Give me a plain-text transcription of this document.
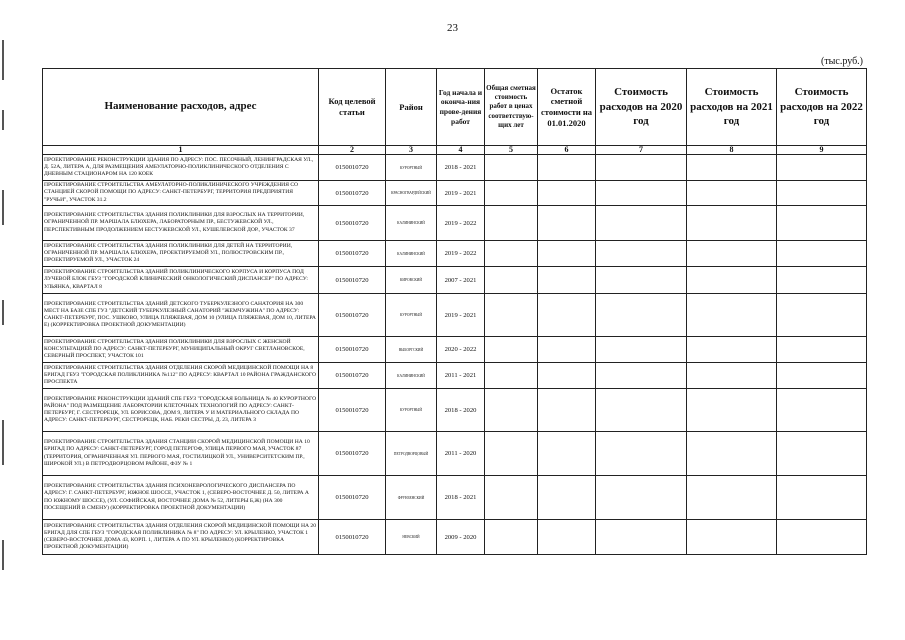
23
(тыс.руб.)
Наименование расходов, адрес	Код целевой статьи	Район	Год начала и оконча-ния прове-дения работ	Общая сметная стоимость работ в ценах соответствую-щих лет	Остаток сметной стоимости на 01.01.2020	Стоимость расходов на 2020 год	Стоимость расходов на 2021 год	Стоимость расходов на 2022 год
1	2	3	4	5	6	7	8	9
ПРОЕКТИРОВАНИЕ РЕКОНСТРУКЦИИ ЗДАНИЯ ПО АДРЕСУ: ПОС. ПЕСОЧНЫЙ, ЛЕНИНГРАДСКАЯ УЛ., Д. 52А, ЛИТЕРА А, ДЛЯ РАЗМЕЩЕНИЯ АМБУЛАТОРНО-ПОЛИКЛИНИЧЕСКОГО ОТДЕЛЕНИЯ С ДНЕВНЫМ СТАЦИОНАРОМ НА 120 КОЕК	0150010720	КУРОРТНЫЙ	2018 - 2021					
ПРОЕКТИРОВАНИЕ СТРОИТЕЛЬСТВА АМБУЛАТОРНО-ПОЛИКЛИНИЧЕСКОГО УЧРЕЖДЕНИЯ СО СТАНЦИЕЙ СКОРОЙ ПОМОЩИ ПО АДРЕСУ: САНКТ-ПЕТЕРБУРГ, ТЕРРИТОРИЯ ПРЕДПРИЯТИЯ "РУЧЬИ", УЧАСТОК 31.2	0150010720	КРАСНОГВАРДЕЙСКИЙ	2019 - 2021					
ПРОЕКТИРОВАНИЕ СТРОИТЕЛЬСТВА ЗДАНИЯ ПОЛИКЛИНИКИ ДЛЯ ВЗРОСЛЫХ НА ТЕРРИТОРИИ, ОГРАНИЧЕННОЙ ПР. МАРШАЛА БЛЮХЕРА, ЛАБОРАТОРНЫМ ПР., БЕСТУЖЕВСКОЙ УЛ., ПЕРСПЕКТИВНЫМ ПРОДОЛЖЕНИЕМ БЕСТУЖЕВСКОЙ УЛ., КУШЕЛЕВСКОЙ ДОР., УЧАСТОК 37	0150010720	КАЛИНИНСКИЙ	2019 - 2022					
ПРОЕКТИРОВАНИЕ СТРОИТЕЛЬСТВА ЗДАНИЯ ПОЛИКЛИНИКИ ДЛЯ ДЕТЕЙ НА ТЕРРИТОРИИ, ОГРАНИЧЕННОЙ ПР. МАРШАЛА БЛЮХЕРА, ПРОЕКТИРУЕМОЙ УЛ., ПОЛЮСТРОВСКИМ ПР., ПРОЕКТИРУЕМОЙ УЛ., УЧАСТОК 24	0150010720	КАЛИНИНСКИЙ	2019 - 2022					
ПРОЕКТИРОВАНИЕ СТРОИТЕЛЬСТВА ЗДАНИЙ ПОЛИКЛИНИЧЕСКОГО КОРПУСА И КОРПУСА ПОД ЛУЧЕВОЙ БЛОК ГБУЗ "ГОРОДСКОЙ КЛИНИЧЕСКИЙ ОНКОЛОГИЧЕСКИЙ ДИСПАНСЕР" ПО АДРЕСУ: УЛЬЯНКА, КВАРТАЛ 8	0150010720	КИРОВСКИЙ	2007 - 2021					
ПРОЕКТИРОВАНИЕ СТРОИТЕЛЬСТВА ЗДАНИЙ ДЕТСКОГО ТУБЕРКУЛЕЗНОГО САНАТОРИЯ НА 300 МЕСТ НА БАЗЕ СПБ ГУЗ "ДЕТСКИЙ ТУБЕРКУЛЕЗНЫЙ САНАТОРИЙ "ЖЕМЧУЖИНА" ПО АДРЕСУ: САНКТ-ПЕТЕРБУРГ, ПОС. УШКОВО, УЛИЦА ПЛЯЖЕВАЯ, ДОМ 10 (УЛИЦА ПЛЯЖЕВАЯ, ДОМ 10, ЛИТЕРА Е) (КОРРЕКТИРОВКА ПРОЕКТНОЙ ДОКУМЕНТАЦИИ)	0150010720	КУРОРТНЫЙ	2019 - 2021					
ПРОЕКТИРОВАНИЕ СТРОИТЕЛЬСТВА ЗДАНИЯ ПОЛИКЛИНИКИ ДЛЯ ВЗРОСЛЫХ С ЖЕНСКОЙ КОНСУЛЬТАЦИЕЙ ПО АДРЕСУ: САНКТ-ПЕТЕРБУРГ, МУНИЦИПАЛЬНЫЙ ОКРУГ СВЕТЛАНОВСКОЕ, СЕВЕРНЫЙ ПРОСПЕКТ, УЧАСТОК 101	0150010720	ВЫБОРГСКИЙ	2020 - 2022					
ПРОЕКТИРОВАНИЕ СТРОИТЕЛЬСТВА ЗДАНИЯ ОТДЕЛЕНИЯ СКОРОЙ МЕДИЦИНСКОЙ ПОМОЩИ НА 8 БРИГАД ГБУЗ "ГОРОДСКАЯ ПОЛИКЛИНИКА №112" ПО АДРЕСУ: КВАРТАЛ 10 РАЙОНА ГРАЖДАНСКОГО ПРОСПЕКТА	0150010720	КАЛИНИНСКИЙ	2011 - 2021					
ПРОЕКТИРОВАНИЕ РЕКОНСТРУКЦИИ ЗДАНИЙ СПБ ГБУЗ "ГОРОДСКАЯ БОЛЬНИЦА № 40 КУРОРТНОГО РАЙОНА" ПОД РАЗМЕЩЕНИЕ ЛАБОРАТОРИИ КЛЕТОЧНЫХ ТЕХНОЛОГИЙ ПО АДРЕСУ: САНКТ-ПЕТЕРБУРГ, Г. СЕСТРОРЕЦК, УЛ. БОРИСОВА, ДОМ 9, ЛИТЕРА У И МАТЕРИАЛЬНОГО СКЛАДА ПО АДРЕСУ: САНКТ-ПЕТЕРБУРГ, СЕСТРОРЕЦК, НАБ. РЕКИ СЕСТРЫ, Д. 23, ЛИТЕРА З	0150010720	КУРОРТНЫЙ	2018 - 2020					
ПРОЕКТИРОВАНИЕ СТРОИТЕЛЬСТВА ЗДАНИЯ СТАНЦИИ СКОРОЙ МЕДИЦИНСКОЙ ПОМОЩИ НА 10 БРИГАД ПО АДРЕСУ: САНКТ-ПЕТЕРБУРГ, ГОРОД ПЕТЕРГОФ, УЛИЦА ПЕРВОГО МАЯ, УЧАСТОК 87 (ТЕРРИТОРИЯ, ОГРАНИЧЕННАЯ УЛ. ПЕРВОГО МАЯ, ГОСТИЛИЦКОЙ УЛ., УНИВЕРСИТЕТСКИМ ПР., ШИРОКОЙ УЛ.) В ПЕТРОДВОРЦОВОМ РАЙОНЕ, ФЗУ № 1	0150010720	ПЕТРОДВОРЦОВЫЙ	2011 - 2020					
ПРОЕКТИРОВАНИЕ СТРОИТЕЛЬСТВА ЗДАНИЯ ПСИХОНЕВРОЛОГИЧЕСКОГО ДИСПАНСЕРА ПО АДРЕСУ: Г. САНКТ-ПЕТЕРБУРГ, ЮЖНОЕ ШОССЕ, УЧАСТОК 1, (СЕВЕРО-ВОСТОЧНЕЕ Д. 50, ЛИТЕРА А ПО ЮЖНОМУ ШОССЕ), (УЛ. СОФИЙСКАЯ, ВОСТОЧНЕЕ ДОМА № 52, ЛИТЕРЫ Б,Ж) (НА 300 ПОСЕЩЕНИЙ В СМЕНУ) (КОРРЕКТИРОВКА ПРОЕКТНОЙ ДОКУМЕНТАЦИИ)	0150010720	ФРУНЗЕНСКИЙ	2018 - 2021					
ПРОЕКТИРОВАНИЕ СТРОИТЕЛЬСТВА ЗДАНИЯ ОТДЕЛЕНИЯ СКОРОЙ МЕДИЦИНСКОЙ ПОМОЩИ НА 20 БРИГАД ДЛЯ СПБ ГБУЗ "ГОРОДСКАЯ ПОЛИКЛИНИКА № 8" ПО АДРЕСУ: УЛ. КРЫЛЕНКО, УЧАСТОК 1 (СЕВЕРО-ВОСТОЧНЕЕ ДОМА 43, КОРП. 1, ЛИТЕРА А ПО УЛ. КРЫЛЕНКО) (КОРРЕКТИРОВКА ПРОЕКТНОЙ ДОКУМЕНТАЦИИ)	0150010720	НЕВСКИЙ	2009 - 2020					
